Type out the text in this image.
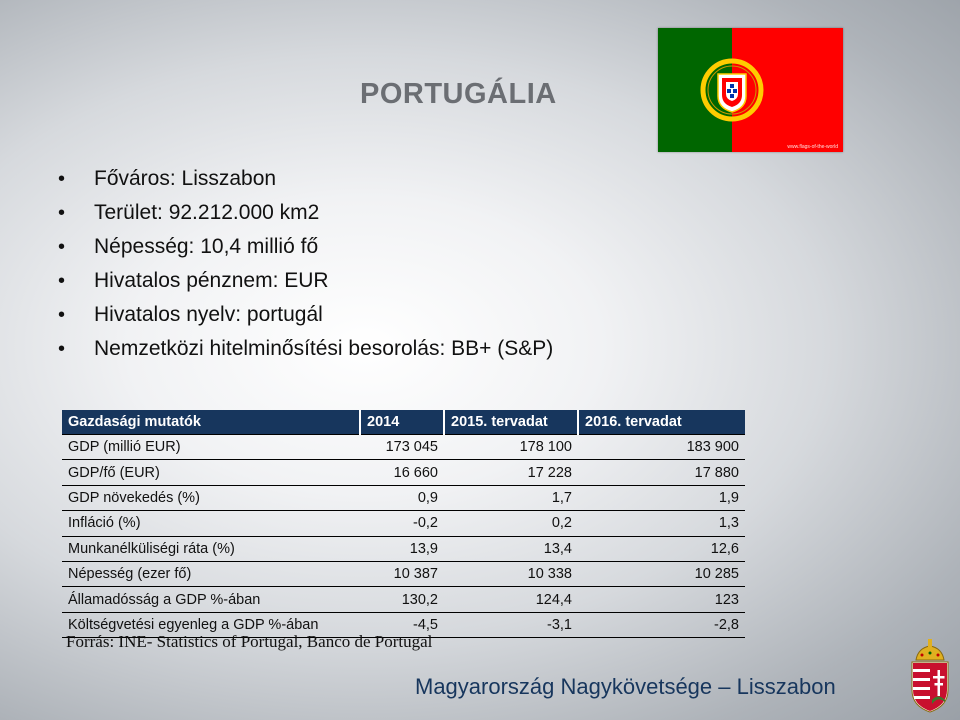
PORTUGÁLIA
www.flags-of-the-world
• Főváros: Lisszabon
• Terület: 92.212.000 km2
• Népesség: 10,4 millió fő
• Hivatalos pénznem: EUR
• Hivatalos nyelv: portugál
• Nemzetközi hitelminősítési besorolás: BB+ (S&P)
Gazdasági mutatók	2014	2015. tervadat	2016. tervadat
GDP (millió EUR)	173 045	178 100	183 900
GDP/fő (EUR)	16 660	17 228	17 880
GDP növekedés (%)	0,9	1,7	1,9
Infláció (%)	-0,2	0,2	1,3
Munkanélküliségi ráta (%)	13,9	13,4	12,6
Népesség (ezer fő)	10 387	10 338	10 285
Államadósság a GDP %-ában	130,2	124,4	123
Költségvetési egyenleg a GDP %-ában	-4,5	-3,1	-2,8
Forrás: INE- Statistics of Portugal, Banco de Portugal
Magyarország Nagykövetsége – Lisszabon
